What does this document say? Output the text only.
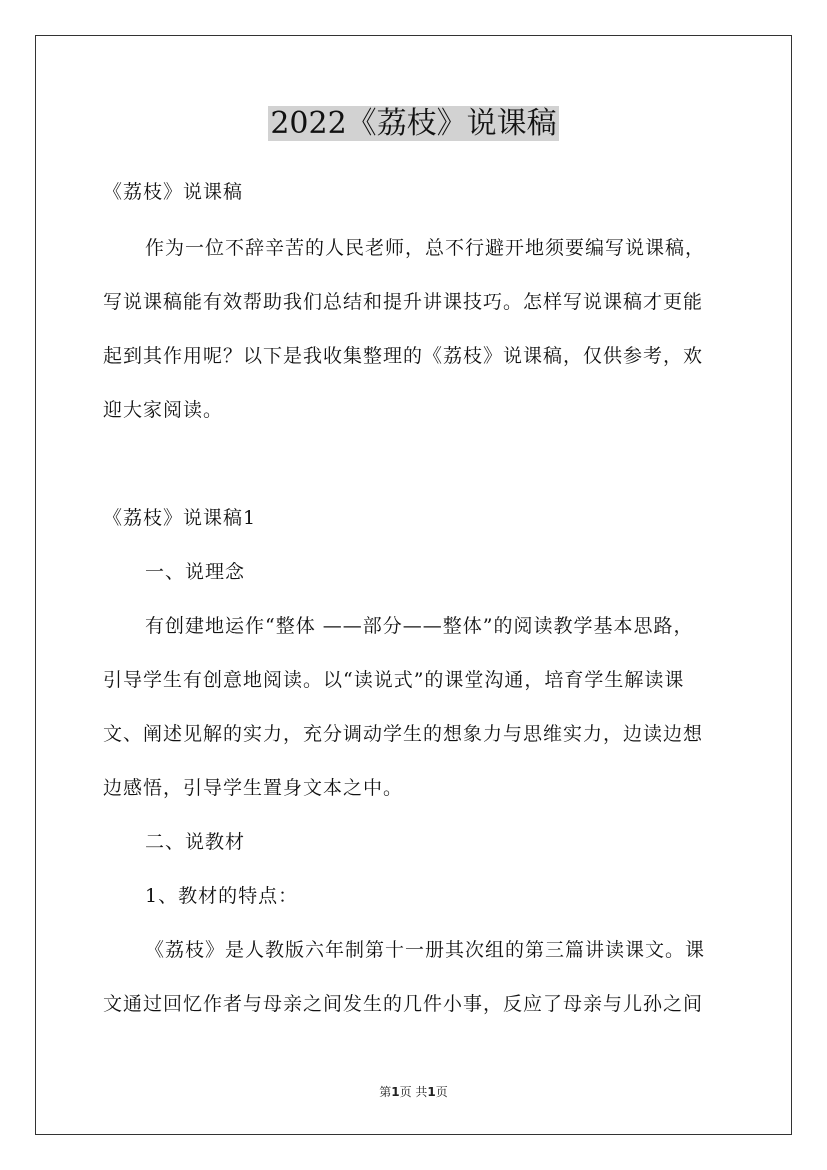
2022《荔枝》说课稿
《荔枝》说课稿
作为一位不辞辛苦的人民老师，总不行避开地须要编写说课稿，
写说课稿能有效帮助我们总结和提升讲课技巧。怎样写说课稿才更能
起到其作用呢？以下是我收集整理的《荔枝》说课稿，仅供参考，欢
迎大家阅读。
《荔枝》说课稿1
一、说理念
有创建地运作“整体 ——部分——整体”的阅读教学基本思路，
引导学生有创意地阅读。以“读说式”的课堂沟通，培育学生解读课
文、阐述见解的实力，充分调动学生的想象力与思维实力，边读边想
边感悟，引导学生置身文本之中。
二、说教材
1、教材的特点：
《荔枝》是人教版六年制第十一册其次组的第三篇讲读课文。课
文通过回忆作者与母亲之间发生的几件小事，反应了母亲与儿孙之间
第1页 共1页
